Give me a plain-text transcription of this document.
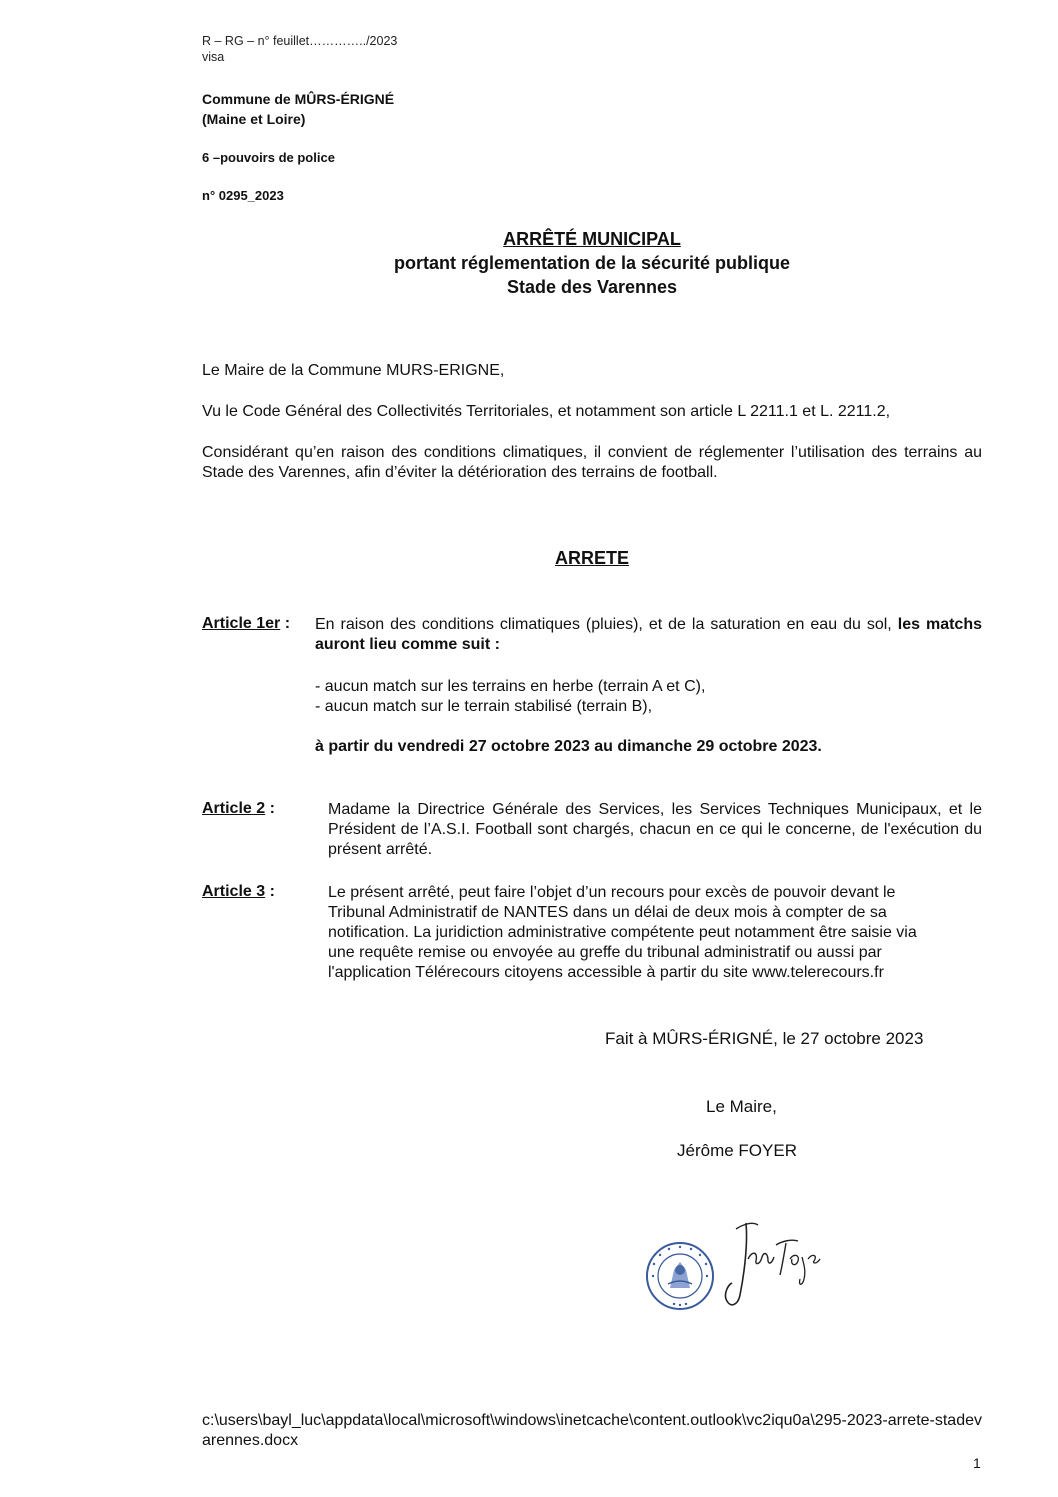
R – RG – n° feuillet…………../2023
visa
Commune de MÛRS-ÉRIGNÉ
(Maine et Loire)
6 –pouvoirs de police
n° 0295_2023
ARRÊTÉ MUNICIPAL
portant réglementation de la sécurité publique
Stade des Varennes
Le Maire de la Commune MURS-ERIGNE,
Vu le Code Général des Collectivités Territoriales, et notamment son article L 2211.1 et L. 2211.2,
Considérant qu’en raison des conditions climatiques, il convient de réglementer l’utilisation des terrains au Stade des Varennes, afin d’éviter la détérioration des terrains de football.
ARRETE
Article 1er : En raison des conditions climatiques (pluies), et de la saturation en eau du sol, les matchs auront lieu comme suit :
- aucun match sur les terrains en herbe (terrain A et C),
- aucun match sur le terrain stabilisé (terrain B),
à partir du vendredi 27 octobre 2023 au dimanche 29 octobre 2023.
Article 2 :	Madame la Directrice Générale des Services, les Services Techniques Municipaux, et le Président de l’A.S.I. Football sont chargés, chacun en ce qui le concerne, de l'exécution du présent arrêté.
Article 3 :	Le présent arrêté, peut faire l’objet d’un recours pour excès de pouvoir devant le
Tribunal Administratif de NANTES dans un délai de deux mois à compter de sa
notification. La juridiction administrative compétente peut notamment être saisie via
une requête remise ou envoyée au greffe du tribunal administratif ou aussi par
l'application Télérecours citoyens accessible à partir du site www.telerecours.fr
Fait à MÛRS-ÉRIGNÉ, le 27 octobre 2023
Le Maire,
Jérôme FOYER
c:\users\bayl_luc\appdata\local\microsoft\windows\inetcache\content.outlook\vc2iqu0a\295-2023-arrete-stadevarennes.docx
1
